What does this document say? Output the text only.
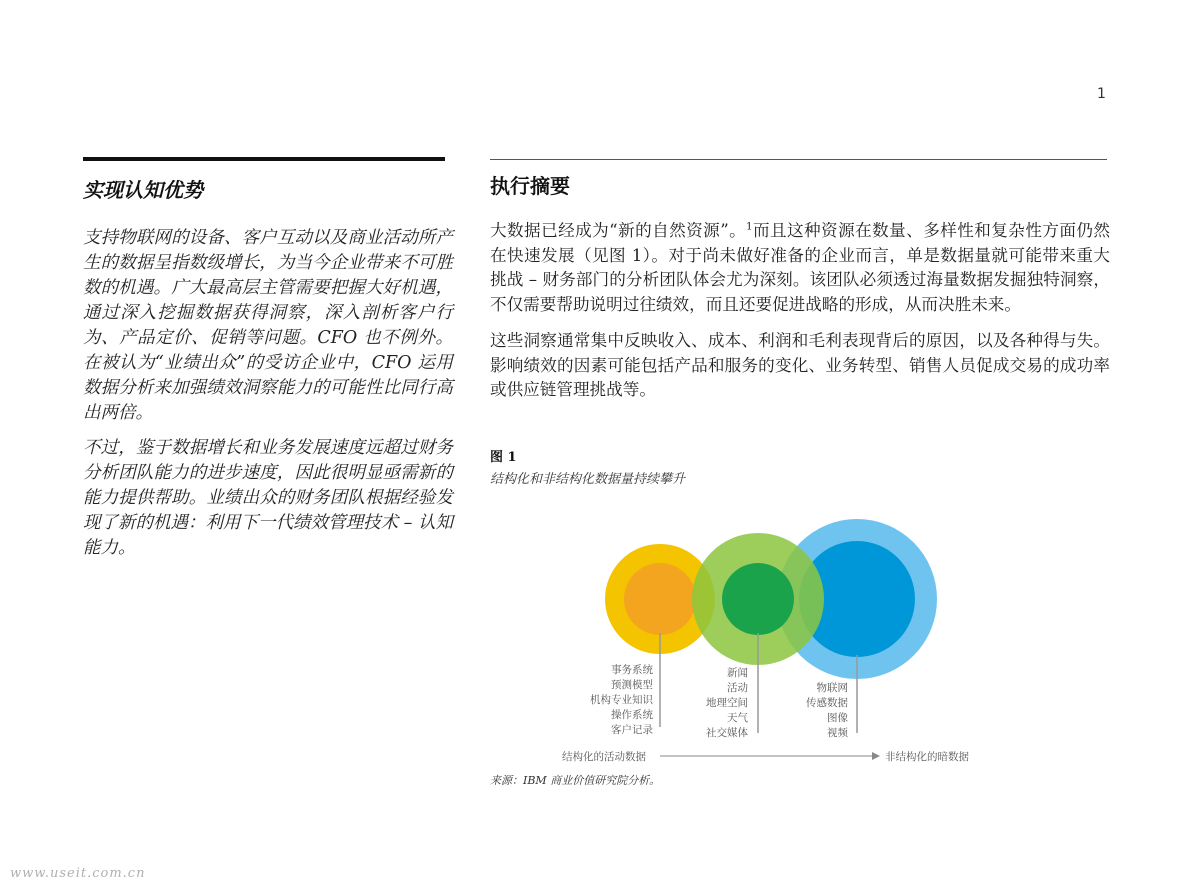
1
实现认知优势

支持物联网的设备、客户互动以及商业活动所产生的数据呈指数级增长，为当今企业带来不可胜数的机遇。广大最高层主管需要把握大好机遇，通过深入挖掘数据获得洞察，深入剖析客户行为、产品定价、促销等问题。CFO 也不例外。在被认为“业绩出众”的受访企业中，CFO 运用数据分析来加强绩效洞察能力的可能性比同行高出两倍。

不过，鉴于数据增长和业务发展速度远超过财务分析团队能力的进步速度，因此很明显亟需新的能力提供帮助。业绩出众的财务团队根据经验发现了新的机遇：利用下一代绩效管理技术 – 认知能力。

执行摘要

大数据已经成为“新的自然资源”。$^1$而且这种资源在数量、多样性和复杂性方面仍然在快速发展（见图 1）。对于尚未做好准备的企业而言，单是数据量就可能带来重大挑战 – 财务部门的分析团队体会尤为深刻。该团队必须透过海量数据发掘独特洞察，不仅需要帮助说明过往绩效，而且还要促进战略的形成，从而决胜未来。

这些洞察通常集中反映收入、成本、利润和毛利表现背后的原因，以及各种得与失。影响绩效的因素可能包括产品和服务的变化、业务转型、销售人员促成交易的成功率或供应链管理挑战等。

图 1
结构化和非结构化数据量持续攀升
事务系统
预测模型
机构专业知识
操作系统
客户记录
新闻
活动
地理空间
天气
社交媒体
物联网
传感数据
图像
视频
结构化的活动数据	非结构化的暗数据
来源：IBM 商业价值研究院分析。
www.useit.com.cn
